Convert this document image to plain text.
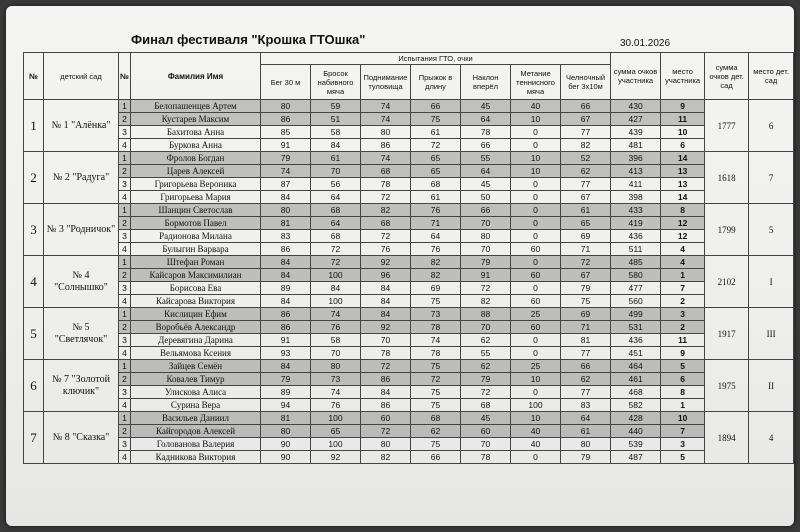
Финал фестиваля "Крошка ГТОшка"	30.01.2026
№	детский сад	№	Фамилия Имя	Испытания ГТО, очки							сумма очков участника	место участника	сумма очков дет. сад	место дет. сад
				Бег 30 м	Бросок набивного мяча	Поднимание туловища	Прыжок в длину	Наклон вперёл	Метание теннисного мяча	Челночный бег 3х10м				
1	№ 1 "Алёнка"	1	Белопашенцев Артем	80	59	74	66	45	40	66	430	9	1777	6
		2	Кустарев Максим	86	51	74	75	64	10	67	427	11		
		3	Бахитова Анна	85	58	80	61	78	0	77	439	10		
		4	Буркова Анна	91	84	86	72	66	0	82	481	6		
2	№ 2 "Радуга"	1	Фролов Богдан	79	61	74	65	55	10	52	396	14	1618	7
		2	Царев Алексей	74	70	68	65	64	10	62	413	13		
		3	Григорьева Вероника	87	56	78	68	45	0	77	411	13		
		4	Григорьева Мария	84	64	72	61	50	0	67	398	14		
3	№ 3 "Родничок"	1	Шанцин Светослав	80	68	82	76	66	0	61	433	8	1799	5
		2	Бормотов Павел	81	64	68	71	70	0	65	419	12		
		3	Радионова Милана	83	68	72	64	80	0	69	436	12		
		4	Булыгин Варвара	86	72	76	76	70	60	71	511	4		
4	№ 4 "Солнышко"	1	Штефан Роман	84	72	92	82	79	0	72	485	4	2102	I
		2	Кайсаров Максимилиан	84	100	96	82	91	60	67	580	1		
		3	Борисова Ева	89	84	84	69	72	0	79	477	7		
		4	Кайсарова Виктория	84	100	84	75	82	60	75	560	2		
5	№ 5 "Светлячок"	1	Кислицин Ефим	86	74	84	73	88	25	69	499	3	1917	III
		2	Воробьёв Александр	86	76	92	78	70	60	71	531	2		
		3	Деревягина Дарина	91	58	70	74	62	0	81	436	11		
		4	Вельямова Ксения	93	70	78	78	55	0	77	451	9		
6	№ 7 "Золотой ключик"	1	Зайцев Семён	84	80	72	75	62	25	66	464	5	1975	II
		2	Ковалев Тимур	79	73	86	72	79	10	62	461	6		
		3	Улискова Алиса	89	74	84	75	72	0	77	468	8		
		4	Сурина Вера	94	76	86	75	68	100	83	582	1		
7	№ 8 "Сказка"	1	Васильев Даниил	81	100	60	68	45	10	64	428	10	1894	4
		2	Кайгородов Алексей	80	65	72	62	60	40	61	440	7		
		3	Голованова Валерия	90	100	80	75	70	40	80	539	3		
		4	Кадникова Виктория	90	92	82	66	78	0	79	487	5		
